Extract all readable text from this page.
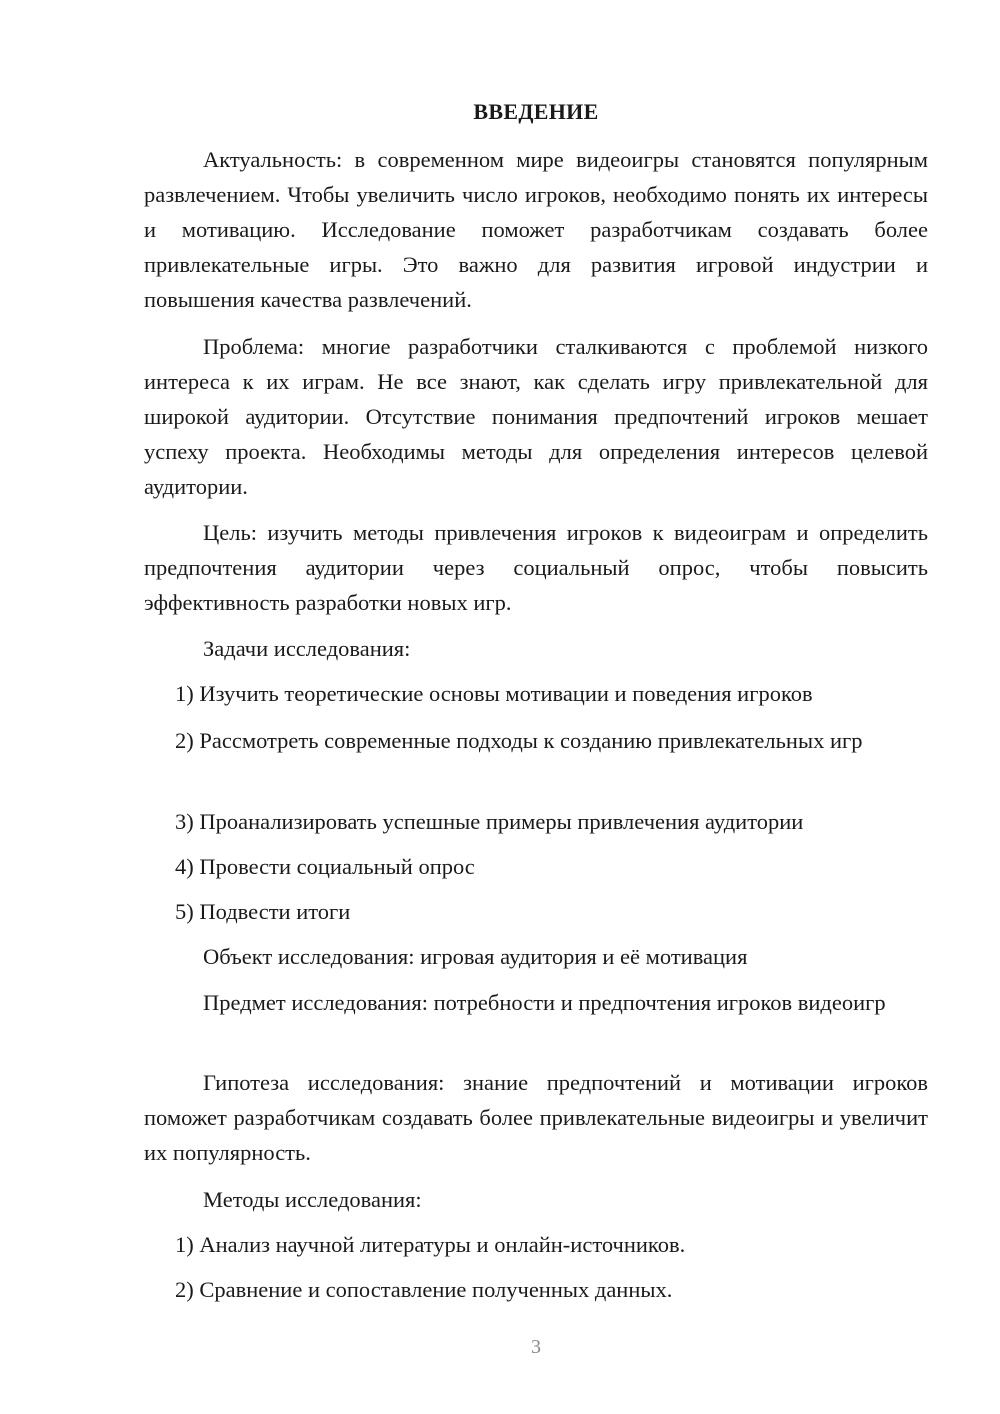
ВВЕДЕНИЕ

Актуальность: в современном мире видеоигры становятся популярным развлечением. Чтобы увеличить число игроков, необходимо понять их интересы и мотивацию. Исследование поможет разработчикам создавать более привлекательные игры. Это важно для развития игровой индустрии и повышения качества развлечений.

Проблема: многие разработчики сталкиваются с проблемой низкого интереса к их играм. Не все знают, как сделать игру привлекательной для широкой аудитории. Отсутствие понимания предпочтений игроков мешает успеху проекта. Необходимы методы для определения интересов целевой аудитории.

Цель: изучить методы привлечения игроков к видеоиграм и определить предпочтения аудитории через социальный опрос, чтобы повысить эффективность разработки новых игр.

Задачи исследования:

1) Изучить теоретические основы мотивации и поведения игроков

2) Рассмотреть современные подходы к созданию привлекательных игр

3) Проанализировать успешные примеры привлечения аудитории

4) Провести социальный опрос

5) Подвести итоги

Объект исследования: игровая аудитория и её мотивация

Предмет исследования: потребности и предпочтения игроков видеоигр

Гипотеза исследования: знание предпочтений и мотивации игроков поможет разработчикам создавать более привлекательные видеоигры и увеличит их популярность.

Методы исследования:

1) Анализ научной литературы и онлайн-источников.

2) Сравнение и сопоставление полученных данных.

3
